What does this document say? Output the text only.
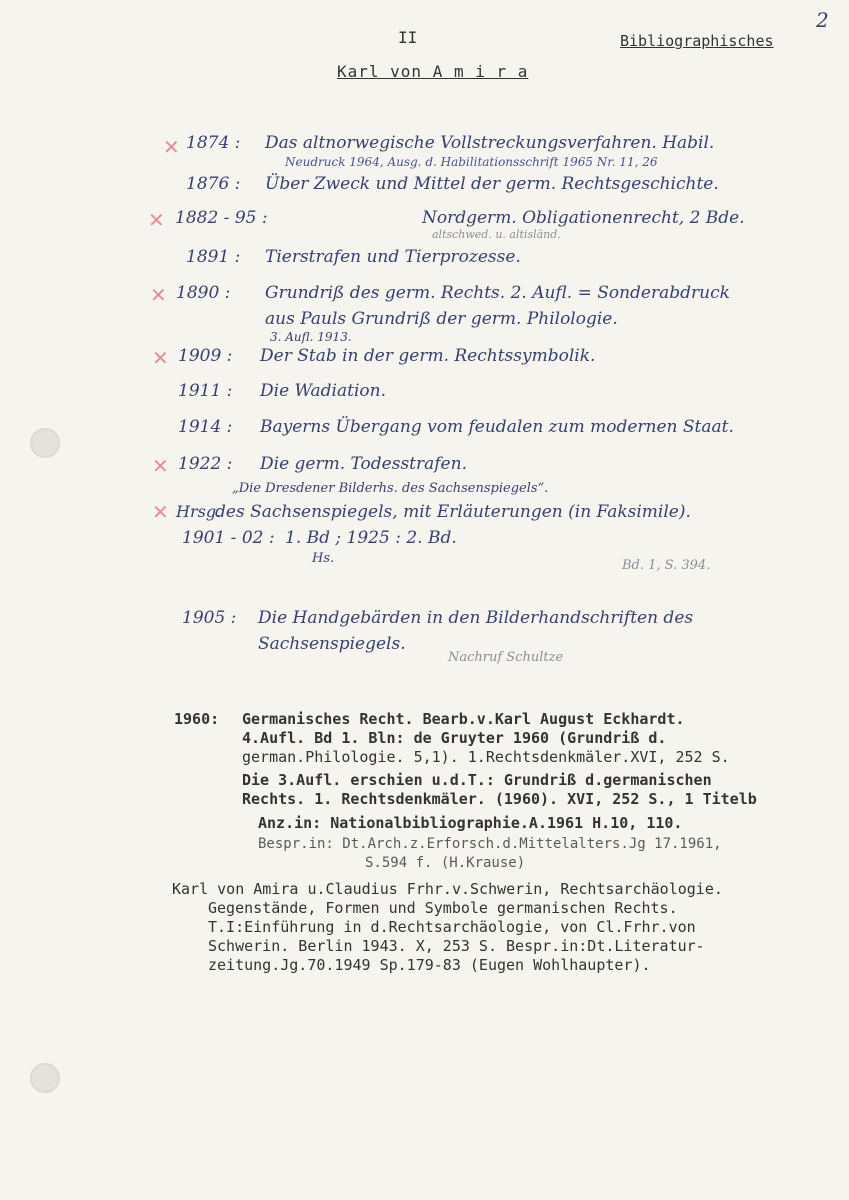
II	Bibliographisches
2
Karl von A m i r a
✕ 1874 : Das altnorwegische Vollstreckungsverfahren. Habil.
Neudruck 1964, Ausg. d. Habilitationsschrift 1965 Nr. 11, 26
1876 : Über Zweck und Mittel der germ. Rechtsgeschichte.
✕ 1882 - 95 :	Nordgerm. Obligationenrecht, 2 Bde.
altschwed. u. altisländ.
1891 : Tierstrafen und Tierprozesse.
✕ 1890 : Grundriß des germ. Rechts. 2. Aufl. = Sonderabdruck
aus Pauls Grundriß der germ. Philologie.
3. Aufl. 1913.
✕ 1909 : Der Stab in der germ. Rechtssymbolik.
1911 : Die Wadiation.
1914 : Bayerns Übergang vom feudalen zum modernen Staat.
✕ 1922 : Die germ. Todesstrafen.
„Die Dresdener Bilderhs. des Sachsenspiegels“.
✕ Hrsg.
des Sachsenspiegels, mit Erläuterungen (in Faksimile).
1901 - 02 : 1. Bd ; 1925 : 2. Bd.
Hs.	Bd. 1, S. 394.
1905 : Die Handgebärden in den Bilderhandschriften des
Sachsenspiegels.
Nachruf Schultze
1960: Germanisches Recht. Bearb.v.Karl August Eckhardt.
4.Aufl. Bd 1. Bln: de Gruyter 1960 (Grundriß d.
german.Philologie. 5,1). 1.Rechtsdenkmäler.XVI, 252 S.
Die 3.Aufl. erschien u.d.T.: Grundriß d.germanischen
Rechts. 1. Rechtsdenkmäler. (1960). XVI, 252 S., 1 Titelb
Anz.in: Nationalbibliographie.A.1961 H.10, 110.
Bespr.in: Dt.Arch.z.Erforsch.d.Mittelalters.Jg 17.1961,
S.594 f. (H.Krause)
Karl von Amira u.Claudius Frhr.v.Schwerin, Rechtsarchäologie.
Gegenstände, Formen und Symbole germanischen Rechts.
T.I:Einführung in d.Rechtsarchäologie, von Cl.Frhr.von
Schwerin. Berlin 1943. X, 253 S. Bespr.in:Dt.Literatur-
zeitung.Jg.70.1949 Sp.179-83 (Eugen Wohlhaupter).
